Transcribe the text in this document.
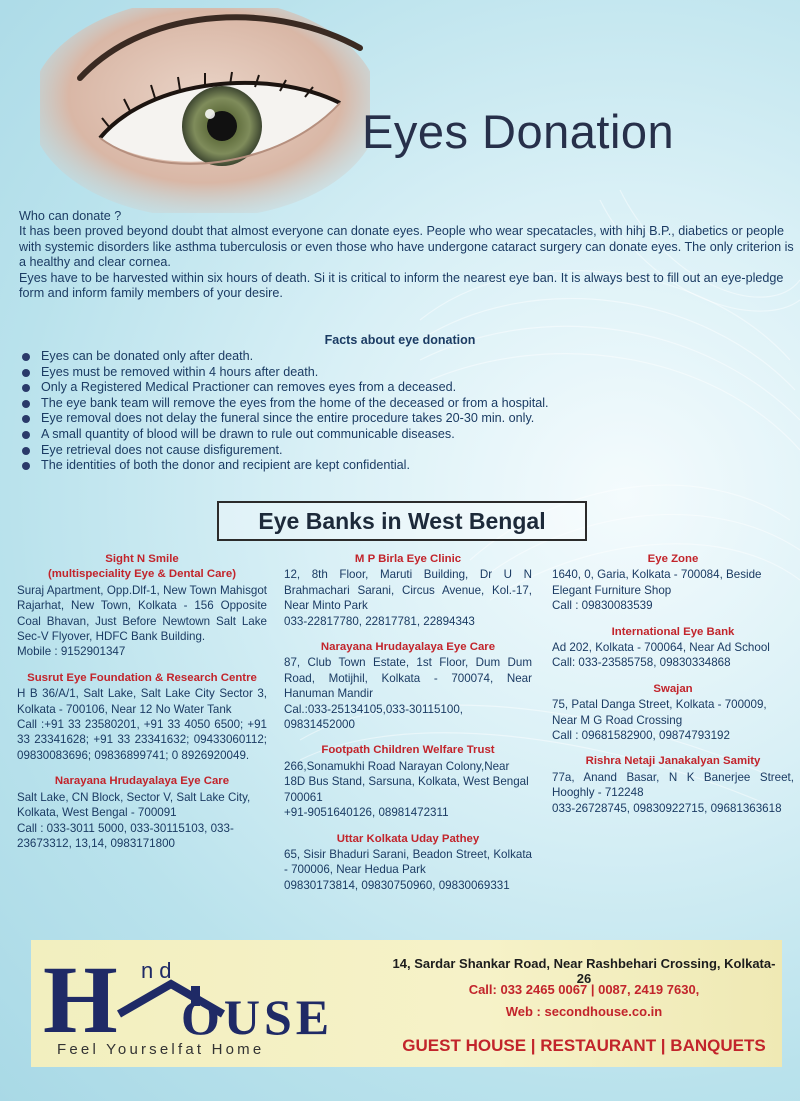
Eyes Donation

Who can donate ?

It has been proved beyond doubt that almost everyone can donate eyes. People who wear specatacles, with hihj B.P., diabetics or people with systemic disorders like asthma tuberculosis or even those who have undergone cataract surgery can donate eyes. The only criterion is a healthy and clear cornea.

Eyes have to be harvested within six hours of death. Si it is critical to inform the nearest eye ban. It is always best to fill out an eye-pledge form and inform family members of your desire.

Facts about eye donation
Eyes can be donated only after death.
Eyes must be removed within 4 hours after death.
Only a Registered Medical Practioner can removes eyes from a deceased.
The eye bank team will remove the eyes from the home of the deceased or from a hospital.
Eye removal does not delay the funeral since the entire procedure takes 20-30 min. only.
A small quantity of blood will be drawn to rule out communicable diseases.
Eye retrieval does not cause disfigurement.
The identities of both the donor and recipient are kept confidential.
Eye Banks in West Bengal
Sight N Smile
(multispeciality Eye & Dental Care)
Suraj Apartment, Opp.Dlf-1, New Town Mahisgot Rajarhat, New Town, Kolkata - 156 Opposite Coal Bhavan, Just Before Newtown Salt Lake Sec-V Flyover, HDFC Bank Building.
Mobile : 9152901347
Susrut Eye Foundation & Research Centre
H B 36/A/1, Salt Lake, Salt Lake City Sector 3, Kolkata - 700106, Near 12 No Water Tank
Call :+91 33 23580201, +91 33 4050 6500; +91 33 23341628; +91 33 23341632; 09433060112; 09830083696; 09836899741; 0 8926920049.
Narayana Hrudayalaya Eye Care
Salt Lake, CN Block, Sector V, Salt Lake City, Kolkata, West Bengal - 700091
Call : 033-3011 5000, 033-30115103, 033-23673312, 13,14, 0983171800
M P Birla Eye Clinic
12, 8th Floor, Maruti Building, Dr U N Brahmachari Sarani, Circus Avenue, Kol.-17, Near Minto Park
033-22817780, 22817781, 22894343
Narayana Hrudayalaya Eye Care
87, Club Town Estate, 1st Floor, Dum Dum Road, Motijhil, Kolkata - 700074, Near Hanuman Mandir
Cal.:033-25134105,033-30115100, 09831452000
Footpath Children Welfare Trust
266,Sonamukhi Road Narayan Colony,Near 18D Bus Stand, Sarsuna, Kolkata, West Bengal 700061
+91-9051640126, 08981472311
Uttar Kolkata Uday Pathey
65, Sisir Bhaduri Sarani, Beadon Street, Kolkata - 700006, Near Hedua Park
09830173814, 09830750960, 09830069331
Eye Zone
1640, 0, Garia, Kolkata - 700084, Beside Elegant Furniture Shop
Call : 09830083539
International Eye Bank
Ad 202, Kolkata - 700064, Near Ad School
Call: 033-23585758, 09830334868
Swajan
75, Patal Danga Street, Kolkata - 700009, Near M G Road Crossing
Call : 09681582900, 09874793192
Rishra Netaji Janakalyan Samity
77a, Anand Basar, N K Banerjee Street, Hooghly - 712248
033-26728745, 09830922715, 09681363618
H nd
OUSE
Feel Yourselfat Home
14, Sardar Shankar Road, Near Rashbehari Crossing, Kolkata-26
Call: 033 2465 0067 | 0087, 2419 7630,
Web : secondhouse.co.in
GUEST HOUSE | RESTAURANT | BANQUETS
